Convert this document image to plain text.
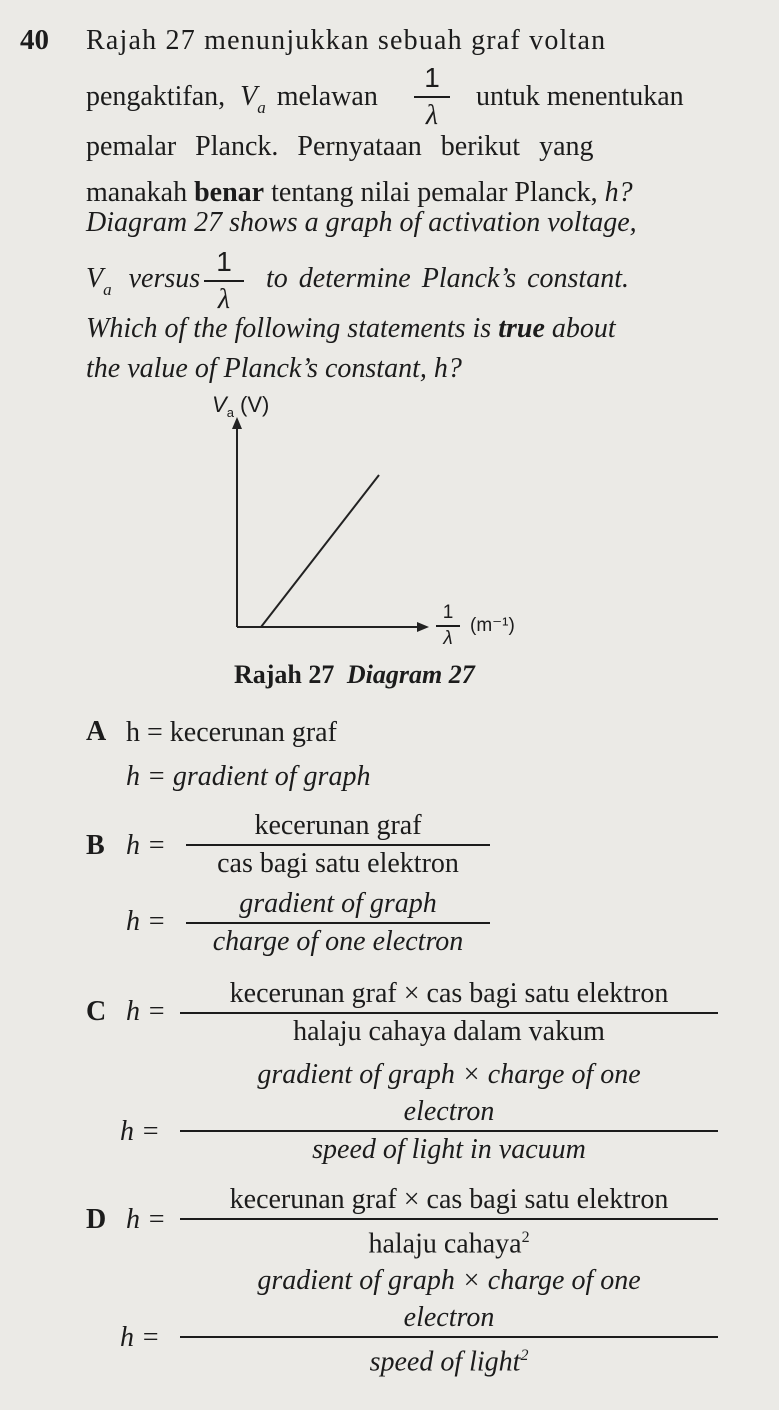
40 Rajah 27 menunjukkan sebuah graf voltan
pengaktifan, $V_a$ melawan
1
λ
untuk menentukan
pemalar Planck. Pernyataan berikut yang
manakah benar tentang nilai pemalar Planck, h?
Diagram 27 shows a graph of activation voltage,
$V_a$ versus
1
λ
to determine Planck’s constant.
Which of the following statements is true about
the value of Planck’s constant, h?
$V_a$ (V)
1
λ
(m⁻¹)
Rajah 27 Diagram 27
A h = kecerunan graf
h = gradient of graph
B h =
kecerunan graf
cas bagi satu elektron
h =
gradient of graph
charge of one electron
C h =
kecerunan graf × cas bagi satu elektron
halaju cahaya dalam vakum
gradient of graph × charge of one
h =
electron
speed of light in vacuum
D h =
kecerunan graf × cas bagi satu elektron
halaju cahaya$^2$
gradient of graph × charge of one
h =
electron
speed of light$^2$
